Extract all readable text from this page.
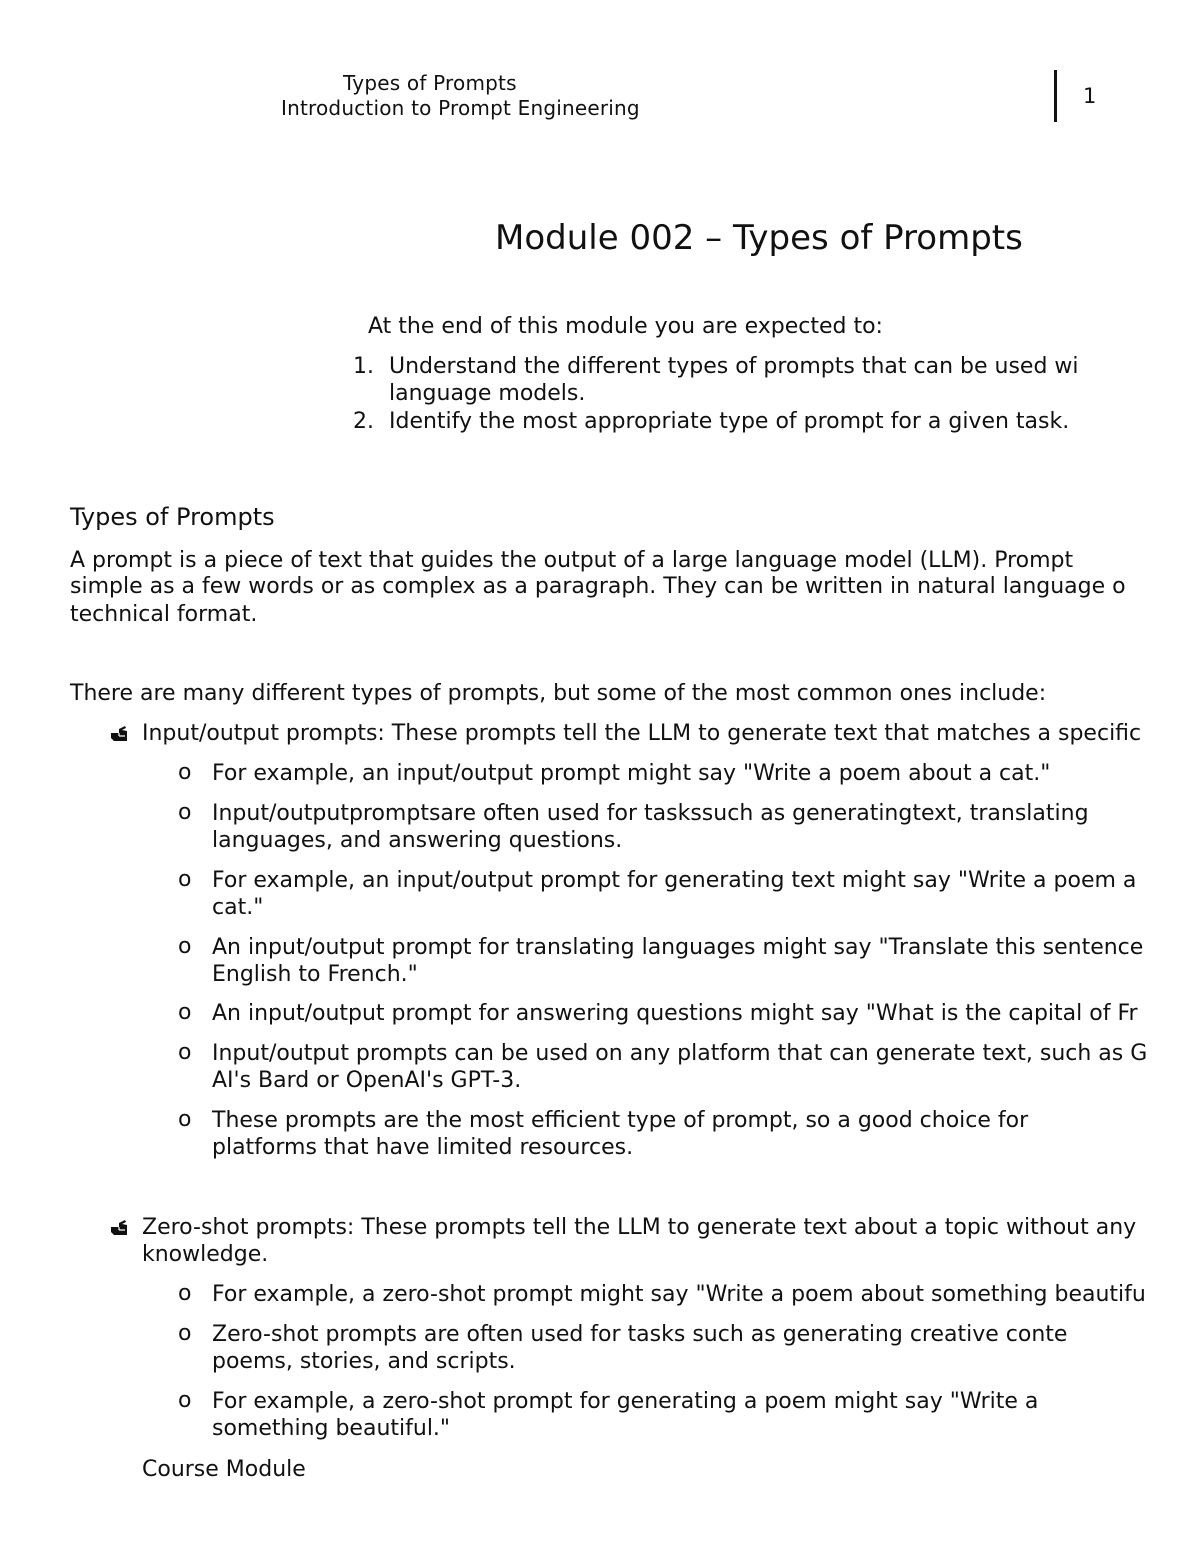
Types of Prompts
Introduction to Prompt Engineering	1
Module 002 – Types of Prompts
At the end of this module you are expected to:
1. Understand the different types of prompts that can be used wi
language models.
2. Identify the most appropriate type of prompt for a given task.
Types of Prompts
A prompt is a piece of text that guides the output of a large language model (LLM). Prompt
simple as a few words or as complex as a paragraph. They can be written in natural language o
technical format.
There are many different types of prompts, but some of the most common ones include:
Input/output prompts: These prompts tell the LLM to generate text that matches a specific
o For example, an input/output prompt might say "Write a poem about a cat."
o Input/outputpromptsare often used for taskssuch as generatingtext, translating
languages, and answering questions.
o For example, an input/output prompt for generating text might say "Write a poem a
cat."
o An input/output prompt for translating languages might say "Translate this sentence
English to French."
o An input/output prompt for answering questions might say "What is the capital of Fr
o Input/output prompts can be used on any platform that can generate text, such as G
AI's Bard or OpenAI's GPT-3.
o These prompts are the most efficient type of prompt, so a good choice for
platforms that have limited resources.
Zero-shot prompts: These prompts tell the LLM to generate text about a topic without any
knowledge.
o For example, a zero-shot prompt might say "Write a poem about something beautifu
o Zero-shot prompts are often used for tasks such as generating creative conte
poems, stories, and scripts.
o For example, a zero-shot prompt for generating a poem might say "Write a
something beautiful."
Course Module
